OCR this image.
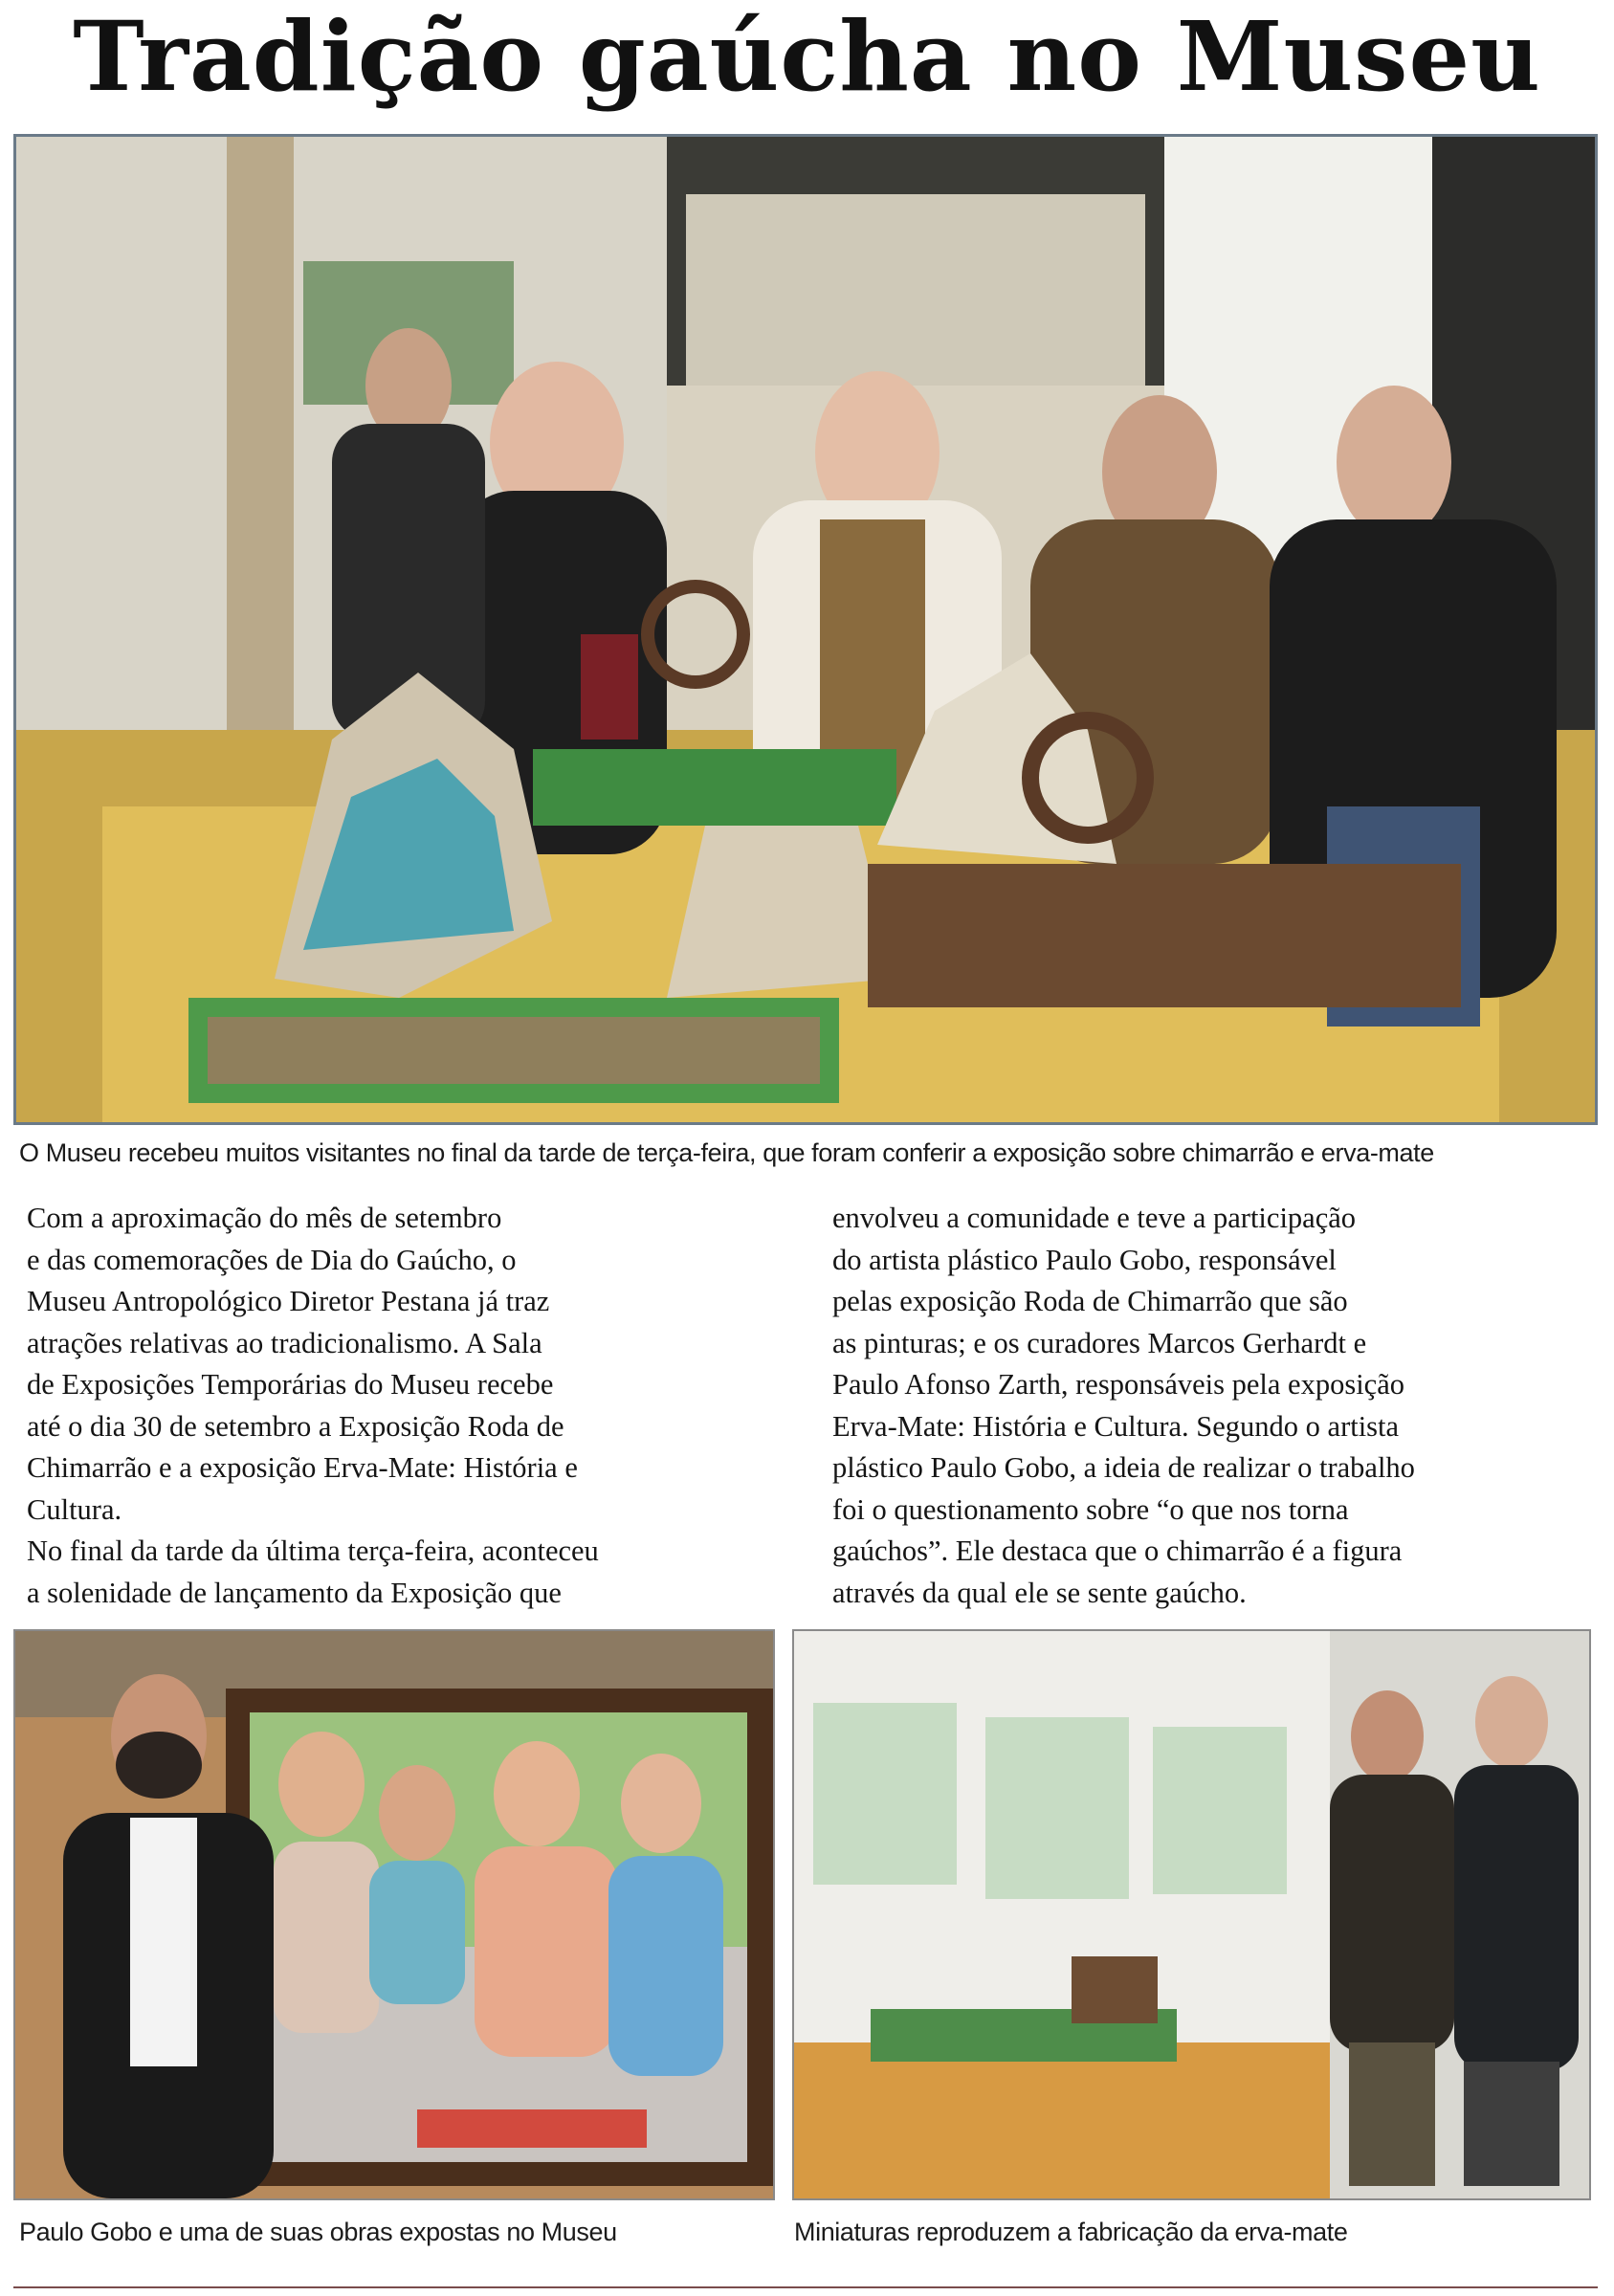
Tradição gaúcha no Museu
O Museu recebeu muitos visitantes no final da tarde de terça-feira, que foram conferir a exposição sobre chimarrão e erva-mate
Com a aproximação do mês de setembro
e das comemorações de Dia do Gaúcho, o
Museu Antropológico Diretor Pestana já traz
atrações relativas ao tradicionalismo. A Sala
de Exposições Temporárias do Museu recebe
até o dia 30 de setembro a Exposição Roda de
Chimarrão e a exposição Erva-Mate: História e
Cultura.
No final da tarde da última terça-feira, aconteceu
a solenidade de lançamento da Exposição que
envolveu a comunidade e teve a participação
do artista plástico Paulo Gobo, responsável
pelas exposição Roda de Chimarrão que são
as pinturas; e os curadores Marcos Gerhardt e
Paulo Afonso Zarth, responsáveis pela exposição
Erva-Mate: História e Cultura. Segundo o artista
plástico Paulo Gobo, a ideia de realizar o trabalho
foi o questionamento sobre “o que nos torna
gaúchos”. Ele destaca que o chimarrão é a figura
através da qual ele se sente gaúcho.
Paulo Gobo e uma de suas obras expostas no Museu	Miniaturas reproduzem a fabricação da erva-mate
